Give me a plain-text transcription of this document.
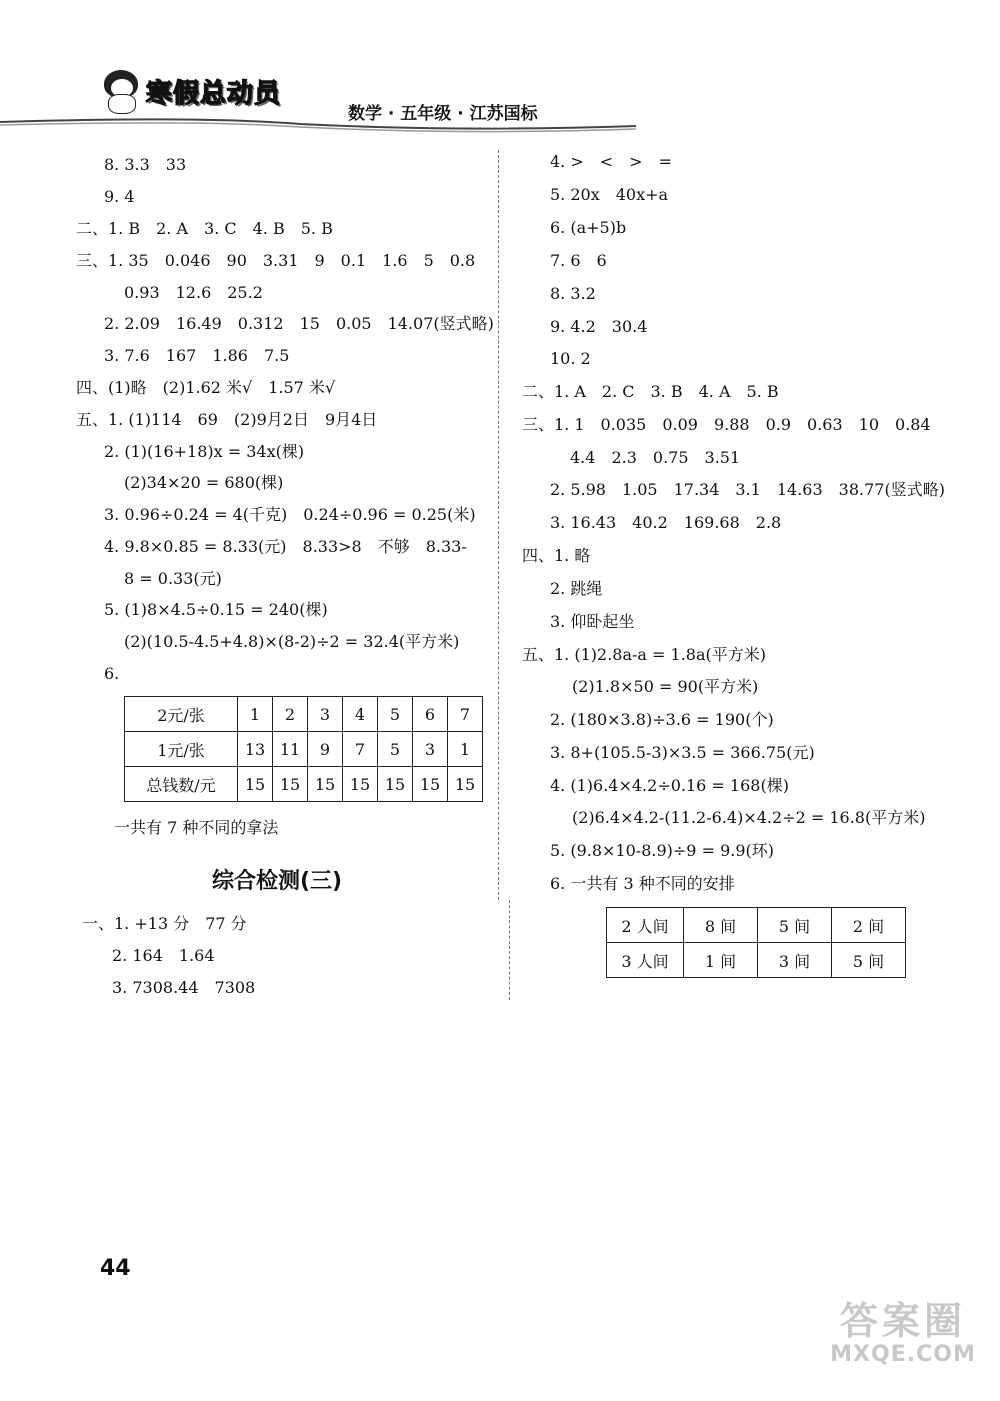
寒假总动员
数学 · 五年级 · 江苏国标
8. 3.3　33
9. 4
二、1. B　2. A　3. C　4. B　5. B
三、1. 35　0.046　90　3.31　9　0.1　1.6　5　0.8
0.93　12.6　25.2
2. 2.09　16.49　0.312　15　0.05　14.07(竖式略)
3. 7.6　167　1.86　7.5
四、(1)略　(2)1.62 米√　1.57 米√
五、1. (1)114　69　(2)9月2日　9月4日
2. (1)(16+18)x = 34x(棵)
(2)34×20 = 680(棵)
3. 0.96÷0.24 = 4(千克)　0.24÷0.96 = 0.25(米)
4. 9.8×0.85 = 8.33(元)　8.33>8　不够　8.33-
8 = 0.33(元)
5. (1)8×4.5÷0.15 = 240(棵)
(2)(10.5-4.5+4.8)×(8-2)÷2 = 32.4(平方米)
6.
2元/张	1	2	3	4	5	6	7
1元/张	13	11	9	7	5	3	1
总钱数/元	15	15	15	15	15	15	15
一共有 7 种不同的拿法
综合检测(三)
一、1. +13 分　77 分
2. 164　1.64
3. 7308.44　7308
4. >　<　>　=
5. 20x　40x+a
6. (a+5)b
7. 6　6
8. 3.2
9. 4.2　30.4
10. 2
二、1. A　2. C　3. B　4. A　5. B
三、1. 1　0.035　0.09　9.88　0.9　0.63　10　0.84
4.4　2.3　0.75　3.51
2. 5.98　1.05　17.34　3.1　14.63　38.77(竖式略)
3. 16.43　40.2　169.68　2.8
四、1. 略
2. 跳绳
3. 仰卧起坐
五、1. (1)2.8a-a = 1.8a(平方米)
(2)1.8×50 = 90(平方米)
2. (180×3.8)÷3.6 = 190(个)
3. 8+(105.5-3)×3.5 = 366.75(元)
4. (1)6.4×4.2÷0.16 = 168(棵)
(2)6.4×4.2-(11.2-6.4)×4.2÷2 = 16.8(平方米)
5. (9.8×10-8.9)÷9 = 9.9(环)
6. 一共有 3 种不同的安排
2 人间	8 间	5 间	2 间
3 人间	1 间	3 间	5 间
44
答案圈
MXQE.COM
